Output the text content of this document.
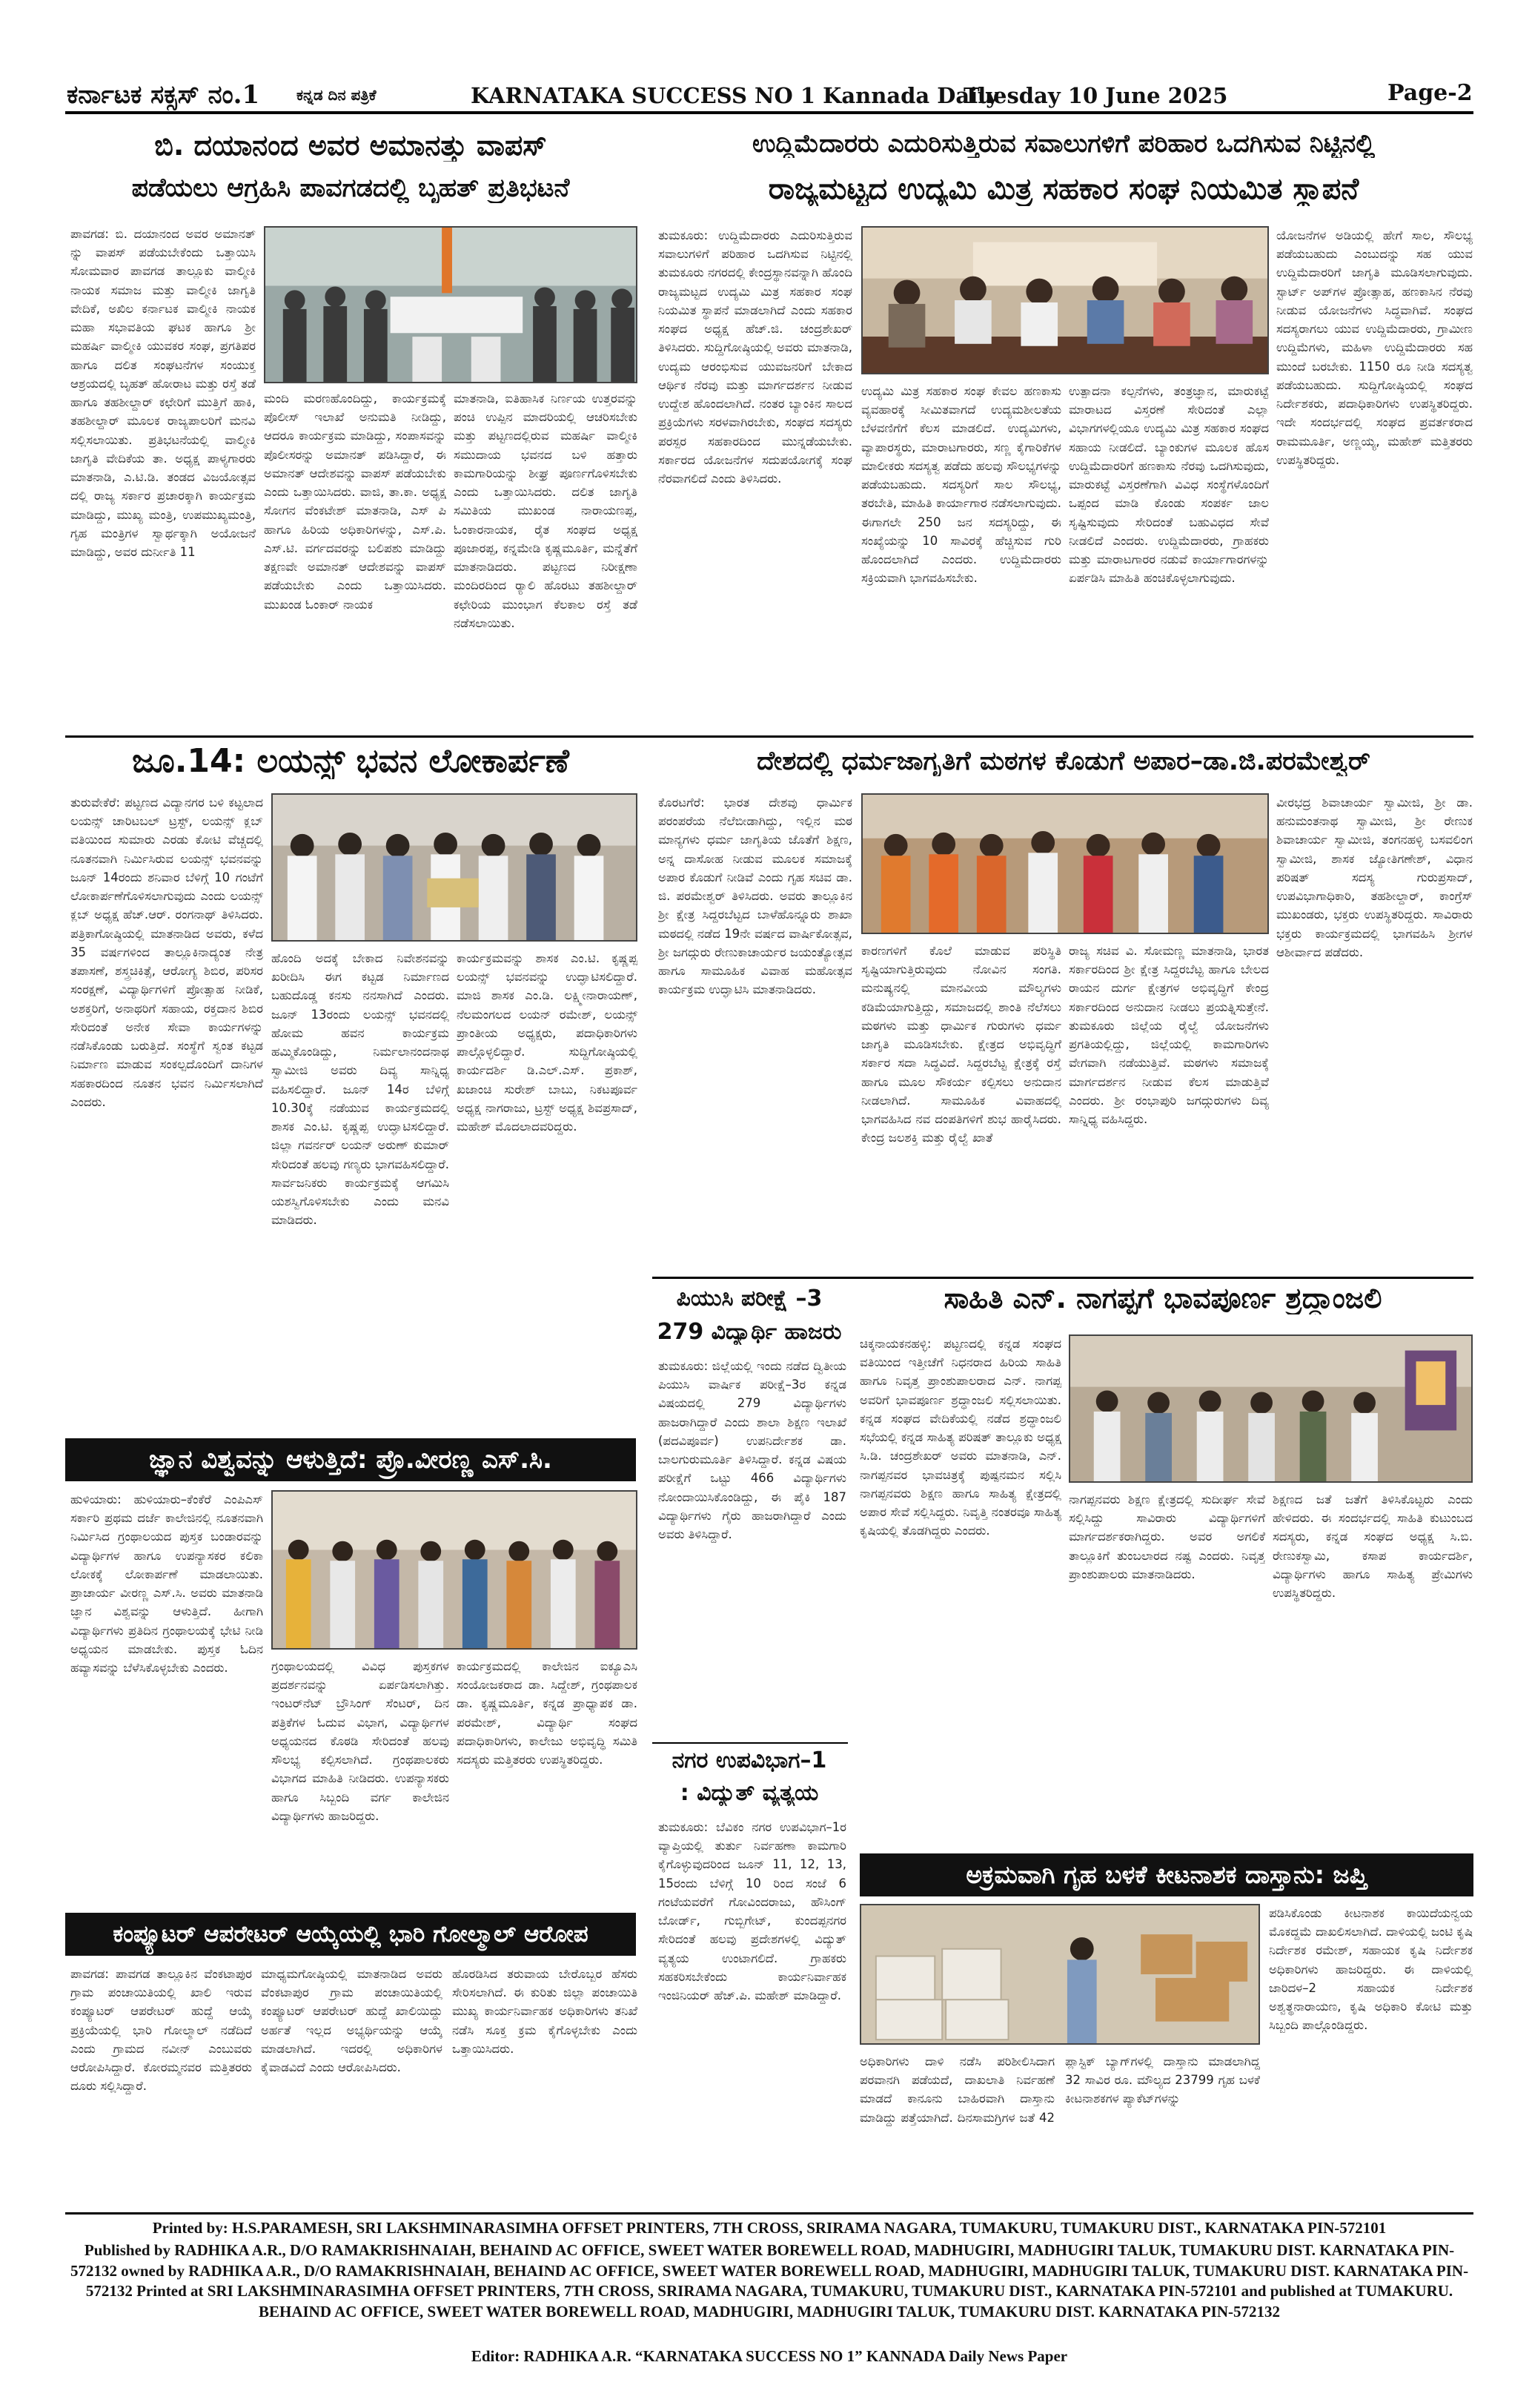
ಕರ್ನಾಟಕ ಸಕ್ಸಸ್ ನಂ.1 ಕನ್ನಡ ದಿನ ಪತ್ರಿಕೆ	KARNATAKA SUCCESS NO 1 Kannada Daily
Tuesday 10 June 2025	Page-2
ಬಿ. ದಯಾನಂದ ಅವರ ಅಮಾನತ್ತು ವಾಪಸ್
ಪಡೆಯಲು ಆಗ್ರಹಿಸಿ ಪಾವಗಡದಲ್ಲಿ ಬೃಹತ್ ಪ್ರತಿಭಟನೆ
ಪಾವಗಡ: ಬಿ. ದಯಾನಂದ ಅವರ ಅಮಾನತ್ ನ್ನು ವಾಪಸ್ ಪಡೆಯಬೇಕೆಂದು ಒತ್ತಾಯಿಸಿ ಸೋಮವಾರ ಪಾವಗಡ ತಾಲ್ಲೂಕು ವಾಲ್ಮೀಕಿ ನಾಯಕ ಸಮಾಜ ಮತ್ತು ವಾಲ್ಮೀಕಿ ಜಾಗೃತಿ ವೇದಿಕೆ, ಅಖಿಲ ಕರ್ನಾಟಕ ವಾಲ್ಮೀಕಿ ನಾಯಕ ಮಹಾ ಸಭಾವತಿಯ ಘಟಕ ಹಾಗೂ ಶ್ರೀ ಮಹರ್ಷಿ ವಾಲ್ಮೀಕಿ ಯುವಕರ ಸಂಘ, ಪ್ರಗತಿಪರ ಹಾಗೂ ದಲಿತ ಸಂಘಟನೆಗಳ ಸಂಯುಕ್ತ ಆಶ್ರಯದಲ್ಲಿ ಬೃಹತ್ ಹೋರಾಟ ಮತ್ತು ರಸ್ತೆ ತಡೆ ಹಾಗೂ ತಹಶೀಲ್ದಾರ್ ಕಛೇರಿಗೆ ಮುತ್ತಿಗೆ ಹಾಕಿ, ತಹಶೀಲ್ದಾರ್ ಮೂಲಕ ರಾಜ್ಯಪಾಲರಿಗೆ ಮನವಿ ಸಲ್ಲಿಸಲಾಯಿತು. ಪ್ರತಿಭಟನೆಯಲ್ಲಿ ವಾಲ್ಮೀಕಿ ಜಾಗೃತಿ ವೇದಿಕೆಯ ತಾ. ಅಧ್ಯಕ್ಷ ಪಾಳ್ಯಗಾರರು ಮಾತನಾಡಿ, ಎ.ಟಿ.ಡಿ. ತಂಡದ ವಿಜಯೋತ್ಸವ ದಲ್ಲಿ ರಾಜ್ಯ ಸರ್ಕಾರ ಪ್ರಚಾರಕ್ಕಾಗಿ ಕಾರ್ಯಕ್ರಮ ಮಾಡಿದ್ದು, ಮುಖ್ಯ ಮಂತ್ರಿ, ಉಪಮುಖ್ಯಮಂತ್ರಿ, ಗೃಹ ಮಂತ್ರಿಗಳ ಸ್ವಾರ್ಥಕ್ಕಾಗಿ ಅಯೋಜನೆ ಮಾಡಿದ್ದು, ಅವರ ದುರ್ನೀತಿ 11
ಮಂದಿ ಮರಣಹೊಂದಿದ್ದು, ಕಾರ್ಯಕ್ರಮಕ್ಕೆ ಪೊಲೀಸ್ ಇಲಾಖೆ ಅನುಮತಿ ನೀಡಿದ್ದು, ಆದರೂ ಕಾರ್ಯಕ್ರಮ ಮಾಡಿದ್ದು, ಸಂಪಾಸವನ್ನು ಪೊಲೀಸರನ್ನು ಅಮಾನತ್ ಪಡಿಸಿದ್ದಾರೆ, ಈ ಅಮಾನತ್ ಆದೇಶವನ್ನು ವಾಪಸ್ ಪಡೆಯಬೇಕು ಎಂದು ಒತ್ತಾಯಿಸಿದರು. ವಾಜಿ, ತಾ.ಕಾ. ಅಧ್ಯಕ್ಷ ಸೋಗನ ವೆಂಕಟೇಶ್ ಮಾತನಾಡಿ, ಎಸ್ ಪಿ ಹಾಗೂ ಹಿರಿಯ ಅಧಿಕಾರಿಗಳನ್ನು, ಎಸ್.ಪಿ. ಎಸ್.ಟಿ. ವರ್ಗದವರನ್ನು ಬಲಿಪಶು ಮಾಡಿದ್ದು ತಕ್ಷಣವೇ ಅಮಾನತ್ ಆದೇಶವನ್ನು ವಾಪಸ್ ಪಡೆಯಬೇಕು ಎಂದು ಒತ್ತಾಯಿಸಿದರು. ಮುಖಂಡ ಓಂಕಾರ್ ನಾಯಕ
ಮಾತನಾಡಿ, ಐತಿಹಾಸಿಕ ನಿರ್ಣಯ ಉತ್ತರವನ್ನು ಪಂಚಿ ಉಪ್ಪಿನ ಮಾದರಿಯಲ್ಲಿ ಆಚರಿಸಬೇಕು ಮತ್ತು ಪಟ್ಟಣದಲ್ಲಿರುವ ಮಹರ್ಷಿ ವಾಲ್ಮೀಕಿ ಸಮುದಾಯ ಭವನದ ಬಳಿ ಹತ್ತಾರು ಕಾಮಗಾರಿಯನ್ನು ಶೀಘ್ರ ಪೂರ್ಣಗೊಳಿಸಬೇಕು ಎಂದು ಒತ್ತಾಯಿಸಿದರು. ದಲಿತ ಜಾಗೃತಿ ಸಮಿತಿಯ ಮುಖಂಡ ನಾರಾಯಣಪ್ಪ, ಓಂಕಾರನಾಯಕ, ರೈತ ಸಂಘದ ಅಧ್ಯಕ್ಷ ಪೂಜಾರಪ್ಪ, ಕನ್ನಮೇಡಿ ಕೃಷ್ಣಮೂರ್ತಿ, ಮನ್ನೆತೆಗೆ ಮಾತನಾಡಿದರು. ಪಟ್ಟಣದ ನಿರೀಕ್ಷಣಾ ಮಂದಿರದಿಂದ ರ‍್ಯಾಲಿ ಹೊರಟು ತಹಶೀಲ್ದಾರ್ ಕಛೇರಿಯ ಮುಂಭಾಗ ಕೆಲಕಾಲ ರಸ್ತೆ ತಡೆ ನಡೆಸಲಾಯಿತು.
ಉದ್ದಿಮೆದಾರರು ಎದುರಿಸುತ್ತಿರುವ ಸವಾಲುಗಳಿಗೆ ಪರಿಹಾರ ಒದಗಿಸುವ ನಿಟ್ಟಿನಲ್ಲಿ
ರಾಜ್ಯಮಟ್ಟದ ಉದ್ಯಮಿ ಮಿತ್ರ ಸಹಕಾರ ಸಂಘ ನಿಯಮಿತ ಸ್ಥಾಪನೆ
ತುಮಕೂರು: ಉದ್ದಿಮೆದಾರರು ಎದುರಿಸುತ್ತಿರುವ ಸವಾಲುಗಳಿಗೆ ಪರಿಹಾರ ಒದಗಿಸುವ ನಿಟ್ಟಿನಲ್ಲಿ ತುಮಕೂರು ನಗರದಲ್ಲಿ ಕೇಂದ್ರಸ್ಥಾನವನ್ನಾಗಿ ಹೊಂದಿ ರಾಜ್ಯಮಟ್ಟದ ಉದ್ಯಮಿ ಮಿತ್ರ ಸಹಕಾರ ಸಂಘ ನಿಯಮಿತ ಸ್ಥಾಪನೆ ಮಾಡಲಾಗಿದೆ ಎಂದು ಸಹಕಾರ ಸಂಘದ ಅಧ್ಯಕ್ಷ ಹೆಚ್.ಜಿ. ಚಂದ್ರಶೇಖರ್ ತಿಳಿಸಿದರು. ಸುದ್ದಿಗೋಷ್ಠಿಯಲ್ಲಿ ಅವರು ಮಾತನಾಡಿ, ಉದ್ಯಮ ಆರಂಭಿಸುವ ಯುವಜನರಿಗೆ ಬೇಕಾದ ಆರ್ಥಿಕ ನೆರವು ಮತ್ತು ಮಾರ್ಗದರ್ಶನ ನೀಡುವ ಉದ್ದೇಶ ಹೊಂದಲಾಗಿದೆ. ನಂತರ ಬ್ಯಾಂಕಿನ ಸಾಲದ ಪ್ರಕ್ರಿಯೆಗಳು ಸರಳವಾಗಿರಬೇಕು, ಸಂಘದ ಸದಸ್ಯರು ಪರಸ್ಪರ ಸಹಕಾರದಿಂದ ಮುನ್ನಡೆಯಬೇಕು. ಸರ್ಕಾರದ ಯೋಜನೆಗಳ ಸದುಪಯೋಗಕ್ಕೆ ಸಂಘ ನೆರವಾಗಲಿದೆ ಎಂದು ತಿಳಿಸಿದರು.
ಉದ್ಯಮಿ ಮಿತ್ರ ಸಹಕಾರ ಸಂಘ ಕೇವಲ ಹಣಕಾಸು ವ್ಯವಹಾರಕ್ಕೆ ಸೀಮಿತವಾಗದೆ ಉದ್ಯಮಶೀಲತೆಯ ಬೆಳವಣಿಗೆಗೆ ಕೆಲಸ ಮಾಡಲಿದೆ. ಉದ್ಯಮಿಗಳು, ವ್ಯಾಪಾರಸ್ಥರು, ಮಾರಾಟಗಾರರು, ಸಣ್ಣ ಕೈಗಾರಿಕೆಗಳ ಮಾಲೀಕರು ಸದಸ್ಯತ್ವ ಪಡೆದು ಹಲವು ಸೌಲಭ್ಯಗಳನ್ನು ಪಡೆಯಬಹುದು. ಸದಸ್ಯರಿಗೆ ಸಾಲ ಸೌಲಭ್ಯ, ತರಬೇತಿ, ಮಾಹಿತಿ ಕಾರ್ಯಾಗಾರ ನಡೆಸಲಾಗುವುದು. ಈಗಾಗಲೇ 250 ಜನ ಸದಸ್ಯರಿದ್ದು, ಈ ಸಂಖ್ಯೆಯನ್ನು 10 ಸಾವಿರಕ್ಕೆ ಹೆಚ್ಚಿಸುವ ಗುರಿ ಹೊಂದಲಾಗಿದೆ ಎಂದರು. ಉದ್ದಿಮೆದಾರರು ಸಕ್ರಿಯವಾಗಿ ಭಾಗವಹಿಸಬೇಕು.
ಉತ್ಪಾದನಾ ಕಲ್ಪನೆಗಳು, ತಂತ್ರಜ್ಞಾನ, ಮಾರುಕಟ್ಟೆ ಮಾರಾಟದ ವಿಸ್ತರಣೆ ಸೇರಿದಂತೆ ಎಲ್ಲಾ ವಿಭಾಗಗಳಲ್ಲಿಯೂ ಉದ್ಯಮಿ ಮಿತ್ರ ಸಹಕಾರ ಸಂಘದ ಸಹಾಯ ನೀಡಲಿದೆ. ಬ್ಯಾಂಕುಗಳ ಮೂಲಕ ಹೊಸ ಉದ್ದಿಮೆದಾರರಿಗೆ ಹಣಕಾಸು ನೆರವು ಒದಗಿಸುವುದು, ಮಾರುಕಟ್ಟೆ ವಿಸ್ತರಣೆಗಾಗಿ ವಿವಿಧ ಸಂಸ್ಥೆಗಳೊಂದಿಗೆ ಒಪ್ಪಂದ ಮಾಡಿ ಕೊಂಡು ಸಂಪರ್ಕ ಜಾಲ ಸೃಷ್ಟಿಸುವುದು ಸೇರಿದಂತೆ ಬಹುವಿಧದ ಸೇವೆ ನೀಡಲಿದೆ ಎಂದರು. ಉದ್ದಿಮೆದಾರರು, ಗ್ರಾಹಕರು ಮತ್ತು ಮಾರಾಟಗಾರರ ನಡುವೆ ಕಾರ್ಯಾಗಾರಗಳನ್ನು ಏರ್ಪಡಿಸಿ ಮಾಹಿತಿ ಹಂಚಿಕೊಳ್ಳಲಾಗುವುದು.
ಯೋಜನೆಗಳ ಅಡಿಯಲ್ಲಿ ಹೇಗೆ ಸಾಲ, ಸೌಲಭ್ಯ ಪಡೆಯಬಹುದು ಎಂಬುದನ್ನು ಸಹ ಯುವ ಉದ್ದಿಮೆದಾರರಿಗೆ ಜಾಗೃತಿ ಮೂಡಿಸಲಾಗುವುದು. ಸ್ಟಾರ್ಟ್ ಅಪ್‌ಗಳ ಪ್ರೋತ್ಸಾಹ, ಹಣಕಾಸಿನ ನೆರವು ನೀಡುವ ಯೋಜನೆಗಳು ಸಿದ್ಧವಾಗಿವೆ. ಸಂಘದ ಸದಸ್ಯರಾಗಲು ಯುವ ಉದ್ದಿಮೆದಾರರು, ಗ್ರಾಮೀಣ ಉದ್ದಿಮೆಗಳು, ಮಹಿಳಾ ಉದ್ದಿಮೆದಾರರು ಸಹ ಮುಂದೆ ಬರಬೇಕು. 1150 ರೂ ನೀಡಿ ಸದಸ್ಯತ್ವ ಪಡೆಯಬಹುದು. ಸುದ್ದಿಗೋಷ್ಠಿಯಲ್ಲಿ ಸಂಘದ ನಿರ್ದೇಶಕರು, ಪದಾಧಿಕಾರಿಗಳು ಉಪಸ್ಥಿತರಿದ್ದರು. ಇದೇ ಸಂದರ್ಭದಲ್ಲಿ ಸಂಘದ ಪ್ರವರ್ತಕರಾದ ರಾಮಮೂರ್ತಿ, ಅಣ್ಣಯ್ಯ, ಮಹೇಶ್ ಮತ್ತಿತರರು ಉಪಸ್ಥಿತರಿದ್ದರು.
ಜೂ.14: ಲಯನ್ಸ್ ಭವನ ಲೋಕಾರ್ಪಣೆ
ತುರುವೇಕೆರೆ: ಪಟ್ಟಣದ ವಿದ್ಯಾನಗರ ಬಳಿ ಕಟ್ಟಲಾದ ಲಯನ್ಸ್ ಚಾರಿಟಬಲ್ ಟ್ರಸ್ಟ್, ಲಯನ್ಸ್ ಕ್ಲಬ್ ವತಿಯಿಂದ ಸುಮಾರು ಎರಡು ಕೋಟಿ ವೆಚ್ಚದಲ್ಲಿ ನೂತನವಾಗಿ ನಿರ್ಮಿಸಿರುವ ಲಯನ್ಸ್ ಭವನವನ್ನು ಜೂನ್ 14ರಂದು ಶನಿವಾರ ಬೆಳಿಗ್ಗೆ 10 ಗಂಟೆಗೆ ಲೋಕಾರ್ಪಣೆಗೊಳಿಸಲಾಗುವುದು ಎಂದು ಲಯನ್ಸ್ ಕ್ಲಬ್ ಅಧ್ಯಕ್ಷ ಹೆಚ್.ಆರ್. ರಂಗನಾಥ್ ತಿಳಿಸಿದರು. ಪತ್ರಿಕಾಗೋಷ್ಠಿಯಲ್ಲಿ ಮಾತನಾಡಿದ ಅವರು, ಕಳೆದ 35 ವರ್ಷಗಳಿಂದ ತಾಲ್ಲೂಕಿನಾದ್ಯಂತ ನೇತ್ರ ತಪಾಸಣೆ, ಶಸ್ತ್ರಚಿಕಿತ್ಸೆ, ಆರೋಗ್ಯ ಶಿಬಿರ, ಪರಿಸರ ಸಂರಕ್ಷಣೆ, ವಿದ್ಯಾರ್ಥಿಗಳಿಗೆ ಪ್ರೋತ್ಸಾಹ ನೀಡಿಕೆ, ಅಶಕ್ತರಿಗೆ, ಅನಾಥರಿಗೆ ಸಹಾಯ, ರಕ್ತದಾನ ಶಿಬಿರ ಸೇರಿದಂತೆ ಅನೇಕ ಸೇವಾ ಕಾರ್ಯಗಳನ್ನು ನಡೆಸಿಕೊಂಡು ಬರುತ್ತಿದೆ. ಸಂಸ್ಥೆಗೆ ಸ್ವಂತ ಕಟ್ಟಡ ನಿರ್ಮಾಣ ಮಾಡುವ ಸಂಕಲ್ಪದೊಂದಿಗೆ ದಾನಿಗಳ ಸಹಕಾರದಿಂದ ನೂತನ ಭವನ ನಿರ್ಮಿಸಲಾಗಿದೆ ಎಂದರು.
ಹೊಂದಿ ಅದಕ್ಕೆ ಬೇಕಾದ ನಿವೇಶನವನ್ನು ಖರೀದಿಸಿ ಈಗ ಕಟ್ಟಡ ನಿರ್ಮಾಣದ ಬಹುದೊಡ್ಡ ಕನಸು ನನಸಾಗಿದೆ ಎಂದರು. ಜೂನ್ 13ರಂದು ಲಯನ್ಸ್ ಭವನದಲ್ಲಿ ಹೋಮ ಹವನ ಕಾರ್ಯಕ್ರಮ ಹಮ್ಮಿಕೊಂಡಿದ್ದು, ನಿರ್ಮಲಾನಂದನಾಥ ಸ್ವಾಮೀಜಿ ಅವರು ದಿವ್ಯ ಸಾನ್ನಿಧ್ಯ ವಹಿಸಲಿದ್ದಾರೆ. ಜೂನ್ 14ರ ಬೆಳಿಗ್ಗೆ 10.30ಕ್ಕೆ ನಡೆಯುವ ಕಾರ್ಯಕ್ರಮದಲ್ಲಿ ಶಾಸಕ ಎಂ.ಟಿ. ಕೃಷ್ಣಪ್ಪ ಉದ್ಘಾಟಿಸಲಿದ್ದಾರೆ. ಜಿಲ್ಲಾ ಗವರ್ನರ್ ಲಯನ್ ಅರುಣ್ ಕುಮಾರ್ ಸೇರಿದಂತೆ ಹಲವು ಗಣ್ಯರು ಭಾಗವಹಿಸಲಿದ್ದಾರೆ. ಸಾರ್ವಜನಿಕರು ಕಾರ್ಯಕ್ರಮಕ್ಕೆ ಆಗಮಿಸಿ ಯಶಸ್ವಿಗೊಳಿಸಬೇಕು ಎಂದು ಮನವಿ ಮಾಡಿದರು.
ಕಾರ್ಯಕ್ರಮವನ್ನು ಶಾಸಕ ಎಂ.ಟಿ. ಕೃಷ್ಣಪ್ಪ ಲಯನ್ಸ್ ಭವನವನ್ನು ಉದ್ಘಾಟಿಸಲಿದ್ದಾರೆ. ಮಾಜಿ ಶಾಸಕ ಎಂ.ಡಿ. ಲಕ್ಷ್ಮೀನಾರಾಯಣ್, ನೆಲಮಂಗಲದ ಲಯನ್ ರಮೇಶ್, ಲಯನ್ಸ್ ಪ್ರಾಂತೀಯ ಅಧ್ಯಕ್ಷರು, ಪದಾಧಿಕಾರಿಗಳು ಪಾಲ್ಗೊಳ್ಳಲಿದ್ದಾರೆ. ಸುದ್ದಿಗೋಷ್ಠಿಯಲ್ಲಿ ಕಾರ್ಯದರ್ಶಿ ಡಿ.ಎಲ್.ಎಸ್. ಪ್ರಕಾಶ್, ಖಜಾಂಚಿ ಸುರೇಶ್ ಬಾಬು, ನಿಕಟಪೂರ್ವ ಅಧ್ಯಕ್ಷ ನಾಗರಾಜು, ಟ್ರಸ್ಟ್ ಅಧ್ಯಕ್ಷ ಶಿವಪ್ರಸಾದ್, ಮಹೇಶ್ ಮೊದಲಾದವರಿದ್ದರು.
ದೇಶದಲ್ಲಿ ಧರ್ಮಜಾಗೃತಿಗೆ ಮಠಗಳ ಕೊಡುಗೆ ಅಪಾರ–ಡಾ.ಜಿ.ಪರಮೇಶ್ವರ್
ಕೊರಟಗೆರೆ: ಭಾರತ ದೇಶವು ಧಾರ್ಮಿಕ ಪರಂಪರೆಯ ನೆಲೆಬೀಡಾಗಿದ್ದು, ಇಲ್ಲಿನ ಮಠ ಮಾನ್ಯಗಳು ಧರ್ಮ ಜಾಗೃತಿಯ ಜೊತೆಗೆ ಶಿಕ್ಷಣ, ಅನ್ನ ದಾಸೋಹ ನೀಡುವ ಮೂಲಕ ಸಮಾಜಕ್ಕೆ ಅಪಾರ ಕೊಡುಗೆ ನೀಡಿವೆ ಎಂದು ಗೃಹ ಸಚಿವ ಡಾ. ಜಿ. ಪರಮೇಶ್ವರ್ ತಿಳಿಸಿದರು. ಅವರು ತಾಲ್ಲೂಕಿನ ಶ್ರೀ ಕ್ಷೇತ್ರ ಸಿದ್ದರಬೆಟ್ಟದ ಬಾಳೆಹೊನ್ನೂರು ಶಾಖಾ ಮಠದಲ್ಲಿ ನಡೆದ 19ನೇ ವರ್ಷದ ವಾರ್ಷಿಕೋತ್ಸವ, ಶ್ರೀ ಜಗದ್ಗುರು ರೇಣುಕಾಚಾರ್ಯರ ಜಯಂತ್ಯೋತ್ಸವ ಹಾಗೂ ಸಾಮೂಹಿಕ ವಿವಾಹ ಮಹೋತ್ಸವ ಕಾರ್ಯಕ್ರಮ ಉದ್ಘಾಟಿಸಿ ಮಾತನಾಡಿದರು.
ಕಾರಣಗಳಿಗೆ ಕೊಲೆ ಮಾಡುವ ಪರಿಸ್ಥಿತಿ ಸೃಷ್ಟಿಯಾಗುತ್ತಿರುವುದು ನೋವಿನ ಸಂಗತಿ. ಮನುಷ್ಯನಲ್ಲಿ ಮಾನವೀಯ ಮೌಲ್ಯಗಳು ಕಡಿಮೆಯಾಗುತ್ತಿದ್ದು, ಸಮಾಜದಲ್ಲಿ ಶಾಂತಿ ನೆಲೆಸಲು ಮಠಗಳು ಮತ್ತು ಧಾರ್ಮಿಕ ಗುರುಗಳು ಧರ್ಮ ಜಾಗೃತಿ ಮೂಡಿಸಬೇಕು. ಕ್ಷೇತ್ರದ ಅಭಿವೃದ್ಧಿಗೆ ಸರ್ಕಾರ ಸದಾ ಸಿದ್ಧವಿದೆ. ಸಿದ್ದರಬೆಟ್ಟ ಕ್ಷೇತ್ರಕ್ಕೆ ರಸ್ತೆ ಹಾಗೂ ಮೂಲ ಸೌಕರ್ಯ ಕಲ್ಪಿಸಲು ಅನುದಾನ ನೀಡಲಾಗಿದೆ. ಸಾಮೂಹಿಕ ವಿವಾಹದಲ್ಲಿ ಭಾಗವಹಿಸಿದ ನವ ದಂಪತಿಗಳಿಗೆ ಶುಭ ಹಾರೈಸಿದರು. ಕೇಂದ್ರ ಜಲಶಕ್ತಿ ಮತ್ತು ರೈಲ್ವೆ ಖಾತೆ
ರಾಜ್ಯ ಸಚಿವ ವಿ. ಸೋಮಣ್ಣ ಮಾತನಾಡಿ, ಭಾರತ ಸರ್ಕಾರದಿಂದ ಶ್ರೀ ಕ್ಷೇತ್ರ ಸಿದ್ದರಬೆಟ್ಟ ಹಾಗೂ ಬೇಲದ ರಾಯನ ದುರ್ಗ ಕ್ಷೇತ್ರಗಳ ಅಭಿವೃದ್ಧಿಗೆ ಕೇಂದ್ರ ಸರ್ಕಾರದಿಂದ ಅನುದಾನ ನೀಡಲು ಪ್ರಯತ್ನಿಸುತ್ತೇನೆ. ತುಮಕೂರು ಜಿಲ್ಲೆಯ ರೈಲ್ವೆ ಯೋಜನೆಗಳು ಪ್ರಗತಿಯಲ್ಲಿದ್ದು, ಜಿಲ್ಲೆಯಲ್ಲಿ ಕಾಮಗಾರಿಗಳು ವೇಗವಾಗಿ ನಡೆಯುತ್ತಿವೆ. ಮಠಗಳು ಸಮಾಜಕ್ಕೆ ಮಾರ್ಗದರ್ಶನ ನೀಡುವ ಕೆಲಸ ಮಾಡುತ್ತಿವೆ ಎಂದರು. ಶ್ರೀ ರಂಭಾಪುರಿ ಜಗದ್ಗುರುಗಳು ದಿವ್ಯ ಸಾನ್ನಿಧ್ಯ ವಹಿಸಿದ್ದರು.
ವೀರಭದ್ರ ಶಿವಾಚಾರ್ಯ ಸ್ವಾಮೀಜಿ, ಶ್ರೀ ಡಾ. ಹನುಮಂತನಾಥ ಸ್ವಾಮೀಜಿ, ಶ್ರೀ ರೇಣುಕ ಶಿವಾಚಾರ್ಯ ಸ್ವಾಮೀಜಿ, ತಂಗನಹಳ್ಳಿ ಬಸವಲಿಂಗ ಸ್ವಾಮೀಜಿ, ಶಾಸಕ ಜ್ಯೋತಿಗಣೇಶ್, ವಿಧಾನ ಪರಿಷತ್ ಸದಸ್ಯ ಗುರುಪ್ರಸಾದ್, ಉಪವಿಭಾಗಾಧಿಕಾರಿ, ತಹಶೀಲ್ದಾರ್, ಕಾಂಗ್ರೆಸ್ ಮುಖಂಡರು, ಭಕ್ತರು ಉಪಸ್ಥಿತರಿದ್ದರು. ಸಾವಿರಾರು ಭಕ್ತರು ಕಾರ್ಯಕ್ರಮದಲ್ಲಿ ಭಾಗವಹಿಸಿ ಶ್ರೀಗಳ ಆಶೀರ್ವಾದ ಪಡೆದರು.
ಸಾಹಿತಿ ಎನ್. ನಾಗಪ್ಪಗೆ ಭಾವಪೂರ್ಣ ಶ್ರದ್ಧಾಂಜಲಿ
ಚಿಕ್ಕನಾಯಕನಹಳ್ಳಿ: ಪಟ್ಟಣದಲ್ಲಿ ಕನ್ನಡ ಸಂಘದ ವತಿಯಿಂದ ಇತ್ತೀಚೆಗೆ ನಿಧನರಾದ ಹಿರಿಯ ಸಾಹಿತಿ ಹಾಗೂ ನಿವೃತ್ತ ಪ್ರಾಂಶುಪಾಲರಾದ ಎನ್. ನಾಗಪ್ಪ ಅವರಿಗೆ ಭಾವಪೂರ್ಣ ಶ್ರದ್ಧಾಂಜಲಿ ಸಲ್ಲಿಸಲಾಯಿತು. ಕನ್ನಡ ಸಂಘದ ವೇದಿಕೆಯಲ್ಲಿ ನಡೆದ ಶ್ರದ್ಧಾಂಜಲಿ ಸಭೆಯಲ್ಲಿ ಕನ್ನಡ ಸಾಹಿತ್ಯ ಪರಿಷತ್ ತಾಲ್ಲೂಕು ಅಧ್ಯಕ್ಷ ಸಿ.ಡಿ. ಚಂದ್ರಶೇಖರ್ ಅವರು ಮಾತನಾಡಿ, ಎನ್. ನಾಗಪ್ಪನವರ ಭಾವಚಿತ್ರಕ್ಕೆ ಪುಷ್ಪನಮನ ಸಲ್ಲಿಸಿ ನಾಗಪ್ಪನವರು ಶಿಕ್ಷಣ ಹಾಗೂ ಸಾಹಿತ್ಯ ಕ್ಷೇತ್ರದಲ್ಲಿ ಅಪಾರ ಸೇವೆ ಸಲ್ಲಿಸಿದ್ದರು. ನಿವೃತ್ತಿ ನಂತರವೂ ಸಾಹಿತ್ಯ ಕೃಷಿಯಲ್ಲಿ ತೊಡಗಿದ್ದರು ಎಂದರು.
ನಾಗಪ್ಪನವರು ಶಿಕ್ಷಣ ಕ್ಷೇತ್ರದಲ್ಲಿ ಸುದೀರ್ಘ ಸೇವೆ ಸಲ್ಲಿಸಿದ್ದು ಸಾವಿರಾರು ವಿದ್ಯಾರ್ಥಿಗಳಿಗೆ ಮಾರ್ಗದರ್ಶಕರಾಗಿದ್ದರು. ಅವರ ಅಗಲಿಕೆ ತಾಲ್ಲೂಕಿಗೆ ತುಂಬಲಾರದ ನಷ್ಟ ಎಂದರು. ನಿವೃತ್ತ ಪ್ರಾಂಶುಪಾಲರು ಮಾತನಾಡಿದರು.
ಶಿಕ್ಷಣದ ಜತೆ ಜತೆಗೆ ತಿಳಿಸಿಕೊಟ್ಟರು ಎಂದು ಹೇಳಿದರು. ಈ ಸಂದರ್ಭದಲ್ಲಿ ಸಾಹಿತಿ ಕುಟುಂಬದ ಸದಸ್ಯರು, ಕನ್ನಡ ಸಂಘದ ಅಧ್ಯಕ್ಷ ಸಿ.ಬಿ. ರೇಣುಕಸ್ವಾಮಿ, ಕಸಾಪ ಕಾರ್ಯದರ್ಶಿ, ವಿದ್ಯಾರ್ಥಿಗಳು ಹಾಗೂ ಸಾಹಿತ್ಯ ಪ್ರೇಮಿಗಳು ಉಪಸ್ಥಿತರಿದ್ದರು.
ಪಿಯುಸಿ ಪರೀಕ್ಷೆ –3
279 ವಿದ್ಯಾರ್ಥಿ ಹಾಜರು
ತುಮಕೂರು: ಜಿಲ್ಲೆಯಲ್ಲಿ ಇಂದು ನಡೆದ ದ್ವಿತೀಯ ಪಿಯುಸಿ ವಾರ್ಷಿಕ ಪರೀಕ್ಷೆ–3ರ ಕನ್ನಡ ವಿಷಯದಲ್ಲಿ 279 ವಿದ್ಯಾರ್ಥಿಗಳು ಹಾಜರಾಗಿದ್ದಾರೆ ಎಂದು ಶಾಲಾ ಶಿಕ್ಷಣ ಇಲಾಖೆ (ಪದವಿಪೂರ್ವ) ಉಪನಿರ್ದೇಶಕ ಡಾ. ಬಾಲಗುರುಮೂರ್ತಿ ತಿಳಿಸಿದ್ದಾರೆ. ಕನ್ನಡ ವಿಷಯ ಪರೀಕ್ಷೆಗೆ ಒಟ್ಟು 466 ವಿದ್ಯಾರ್ಥಿಗಳು ನೋಂದಾಯಿಸಿಕೊಂಡಿದ್ದು, ಈ ಪೈಕಿ 187 ವಿದ್ಯಾರ್ಥಿಗಳು ಗೈರು ಹಾಜರಾಗಿದ್ದಾರೆ ಎಂದು ಅವರು ತಿಳಿಸಿದ್ದಾರೆ.
ನಗರ ಉಪವಿಭಾಗ–1
: ವಿದ್ಯುತ್ ವ್ಯತ್ಯಯ
ತುಮಕೂರು: ಬೆವಿಕಂ ನಗರ ಉಪವಿಭಾಗ–1ರ ವ್ಯಾಪ್ತಿಯಲ್ಲಿ ತುರ್ತು ನಿರ್ವಹಣಾ ಕಾಮಗಾರಿ ಕೈಗೊಳ್ಳುವುದರಿಂದ ಜೂನ್ 11, 12, 13, 15ರಂದು ಬೆಳಿಗ್ಗೆ 10 ರಿಂದ ಸಂಜೆ 6 ಗಂಟೆಯವರೆಗೆ ಗೋವಿಂದರಾಜು, ಹೌಸಿಂಗ್ ಬೋರ್ಡ್, ಗುಬ್ಬಿಗೇಟ್, ಕುಂದಪ್ಪನಗರ ಸೇರಿದಂತೆ ಹಲವು ಪ್ರದೇಶಗಳಲ್ಲಿ ವಿದ್ಯುತ್ ವ್ಯತ್ಯಯ ಉಂಟಾಗಲಿದೆ. ಗ್ರಾಹಕರು ಸಹಕರಿಸಬೇಕೆಂದು ಕಾರ್ಯನಿರ್ವಾಹಕ ಇಂಜಿನಿಯರ್ ಹೆಚ್.ಪಿ. ಮಹೇಶ್ ಮಾಡಿದ್ದಾರೆ.
ಜ್ಞಾನ ವಿಶ್ವವನ್ನು ಆಳುತ್ತಿದೆ: ಪ್ರೊ.ವೀರಣ್ಣ ಎಸ್.ಸಿ.
ಹುಳಿಯಾರು: ಹುಳಿಯಾರು–ಕೆಂಕೆರೆ ಎಂಪಿಎಸ್ ಸರ್ಕಾರಿ ಪ್ರಥಮ ದರ್ಜೆ ಕಾಲೇಜಿನಲ್ಲಿ ನೂತನವಾಗಿ ನಿರ್ಮಿಸಿದ ಗ್ರಂಥಾಲಯದ ಪುಸ್ತಕ ಬಂಡಾರವನ್ನು ವಿದ್ಯಾರ್ಥಿಗಳ ಹಾಗೂ ಉಪನ್ಯಾಸಕರ ಕಲಿಕಾ ಲೋಕಕ್ಕೆ ಲೋಕಾರ್ಪಣೆ ಮಾಡಲಾಯಿತು. ಪ್ರಾಚಾರ್ಯ ವೀರಣ್ಣ ಎಸ್.ಸಿ. ಅವರು ಮಾತನಾಡಿ ಜ್ಞಾನ ವಿಶ್ವವನ್ನು ಆಳುತ್ತಿದೆ. ಹೀಗಾಗಿ ವಿದ್ಯಾರ್ಥಿಗಳು ಪ್ರತಿದಿನ ಗ್ರಂಥಾಲಯಕ್ಕೆ ಭೇಟಿ ನೀಡಿ ಅಧ್ಯಯನ ಮಾಡಬೇಕು. ಪುಸ್ತಕ ಓದಿನ ಹವ್ಯಾಸವನ್ನು ಬೆಳೆಸಿಕೊಳ್ಳಬೇಕು ಎಂದರು.	ಗ್ರಂಥಾಲಯದಲ್ಲಿ ವಿವಿಧ ಪುಸ್ತಕಗಳ ಪ್ರದರ್ಶನವನ್ನು ಏರ್ಪಡಿಸಲಾಗಿತ್ತು. ಇಂಟರ್‌ನೆಟ್ ಬ್ರೌಸಿಂಗ್ ಸೆಂಟರ್, ದಿನ ಪತ್ರಿಕೆಗಳ ಓದುವ ವಿಭಾಗ, ವಿದ್ಯಾರ್ಥಿಗಳ ಅಧ್ಯಯನದ ಕೊಠಡಿ ಸೇರಿದಂತೆ ಹಲವು ಸೌಲಭ್ಯ ಕಲ್ಪಿಸಲಾಗಿದೆ. ಗ್ರಂಥಪಾಲಕರು ವಿಭಾಗದ ಮಾಹಿತಿ ನೀಡಿದರು. ಉಪನ್ಯಾಸಕರು ಹಾಗೂ ಸಿಬ್ಬಂದಿ ವರ್ಗ ಕಾಲೇಜಿನ ವಿದ್ಯಾರ್ಥಿಗಳು ಹಾಜರಿದ್ದರು.
ಕಾರ್ಯಕ್ರಮದಲ್ಲಿ ಕಾಲೇಜಿನ ಐಕ್ಯೂಎಸಿ ಸಂಯೋಜಕರಾದ ಡಾ. ಸಿದ್ದೇಶ್, ಗ್ರಂಥಪಾಲಕ ಡಾ. ಕೃಷ್ಣಮೂರ್ತಿ, ಕನ್ನಡ ಪ್ರಾಧ್ಯಾಪಕ ಡಾ. ಪರಮೇಶ್, ವಿದ್ಯಾರ್ಥಿ ಸಂಘದ ಪದಾಧಿಕಾರಿಗಳು, ಕಾಲೇಜು ಅಭಿವೃದ್ಧಿ ಸಮಿತಿ ಸದಸ್ಯರು ಮತ್ತಿತರರು ಉಪಸ್ಥಿತರಿದ್ದರು.
ಕಂಪ್ಯೂಟರ್ ಆಪರೇಟರ್ ಆಯ್ಕೆಯಲ್ಲಿ ಭಾರಿ ಗೋಲ್ಮಾಲ್ ಆರೋಪ
ಪಾವಗಡ: ಪಾವಗಡ ತಾಲ್ಲೂಕಿನ ವೆಂಕಟಾಪುರ ಗ್ರಾಮ ಪಂಚಾಯಿತಿಯಲ್ಲಿ ಖಾಲಿ ಇರುವ ಕಂಪ್ಯೂಟರ್ ಆಪರೇಟರ್ ಹುದ್ದೆ ಆಯ್ಕೆ ಪ್ರಕ್ರಿಯೆಯಲ್ಲಿ ಭಾರಿ ಗೋಲ್ಮಾಲ್ ನಡೆದಿದೆ ಎಂದು ಗ್ರಾಮದ ನವೀನ್ ಎಂಬುವರು ಆರೋಪಿಸಿದ್ದಾರೆ. ಕೋರಮ್ಮನವರ ಮತ್ತಿತರರು ದೂರು ಸಲ್ಲಿಸಿದ್ದಾರೆ.
ಮಾಧ್ಯಮಗೋಷ್ಠಿಯಲ್ಲಿ ಮಾತನಾಡಿದ ಅವರು ವೆಂಕಟಾಪುರ ಗ್ರಾಮ ಪಂಚಾಯಿತಿಯಲ್ಲಿ ಕಂಪ್ಯೂಟರ್ ಆಪರೇಟರ್ ಹುದ್ದೆ ಖಾಲಿಯಿದ್ದು ಅರ್ಹತೆ ಇಲ್ಲದ ಅಭ್ಯರ್ಥಿಯನ್ನು ಆಯ್ಕೆ ಮಾಡಲಾಗಿದೆ. ಇದರಲ್ಲಿ ಅಧಿಕಾರಿಗಳ ಕೈವಾಡವಿದೆ ಎಂದು ಆರೋಪಿಸಿದರು.
ಹೊರಡಿಸಿದ ತರುವಾಯ ಬೇರೊಬ್ಬರ ಹೆಸರು ಸೇರಿಸಲಾಗಿದೆ. ಈ ಕುರಿತು ಜಿಲ್ಲಾ ಪಂಚಾಯಿತಿ ಮುಖ್ಯ ಕಾರ್ಯನಿರ್ವಾಹಕ ಅಧಿಕಾರಿಗಳು ತನಿಖೆ ನಡೆಸಿ ಸೂಕ್ತ ಕ್ರಮ ಕೈಗೊಳ್ಳಬೇಕು ಎಂದು ಒತ್ತಾಯಿಸಿದರು.
ಅಕ್ರಮವಾಗಿ ಗೃಹ ಬಳಕೆ ಕೀಟನಾಶಕ ದಾಸ್ತಾನು: ಜಪ್ತಿ
ಅಧಿಕಾರಿಗಳು ದಾಳಿ ನಡೆಸಿ ಪರಿಶೀಲಿಸಿದಾಗ ಪರವಾನಗಿ ಪಡೆಯದೆ, ದಾಖಲಾತಿ ನಿರ್ವಹಣೆ ಮಾಡದೆ ಕಾನೂನು ಬಾಹಿರವಾಗಿ ದಾಸ್ತಾನು ಮಾಡಿದ್ದು ಪತ್ತೆಯಾಗಿದೆ. ದಿನಸಾಮಗ್ರಿಗಳ ಜತೆ 42 ಪ್ಲಾಸ್ಟಿಕ್ ಬ್ಯಾಗ್‌ಗಳಲ್ಲಿ ದಾಸ್ತಾನು ಮಾಡಲಾಗಿದ್ದ 32 ಸಾವಿರ ರೂ. ಮೌಲ್ಯದ 23799 ಗೃಹ ಬಳಕೆ ಕೀಟನಾಶಕಗಳ ಪ್ಯಾಕೆಟ್‌ಗಳನ್ನು
ಪಡಿಸಿಕೊಂಡು ಕೀಟನಾಶಕ ಕಾಯಿದೆಯನ್ವಯ ಮೊಕದ್ದಮೆ ದಾಖಲಿಸಲಾಗಿದೆ. ದಾಳಿಯಲ್ಲಿ ಜಂಟಿ ಕೃಷಿ ನಿರ್ದೇಶಕ ರಮೇಶ್, ಸಹಾಯಕ ಕೃಷಿ ನಿರ್ದೇಶಕ ಅಧಿಕಾರಿಗಳು ಹಾಜರಿದ್ದರು. ಈ ದಾಳಿಯಲ್ಲಿ ಜಾರಿದಳ–2 ಸಹಾಯಕ ನಿರ್ದೇಶಕ ಅಶ್ವತ್ಥನಾರಾಯಣ, ಕೃಷಿ ಅಧಿಕಾರಿ ಕೋಟಿ ಮತ್ತು ಸಿಬ್ಬಂದಿ ಪಾಲ್ಗೊಂಡಿದ್ದರು.
Printed by: H.S.PARAMESH, SRI LAKSHMINARASIMHA OFFSET PRINTERS, 7TH CROSS, SRIRAMA NAGARA, TUMAKURU, TUMAKURU DIST., KARNATAKA PIN-572101
Published by RADHIKA A.R., D/O RAMAKRISHNAIAH, BEHAIND AC OFFICE, SWEET WATER BOREWELL ROAD, MADHUGIRI, MADHUGIRI TALUK, TUMAKURU DIST. KARNATAKA PIN-572132 owned by RADHIKA A.R., D/O RAMAKRISHNAIAH, BEHAIND AC OFFICE, SWEET WATER BOREWELL ROAD, MADHUGIRI, MADHUGIRI TALUK, TUMAKURU DIST. KARNATAKA PIN-572132 Printed at SRI LAKSHMINARASIMHA OFFSET PRINTERS, 7TH CROSS, SRIRAMA NAGARA, TUMAKURU, TUMAKURU DIST., KARNATAKA PIN-572101 and published at TUMAKURU. BEHAIND AC OFFICE, SWEET WATER BOREWELL ROAD, MADHUGIRI, MADHUGIRI TALUK, TUMAKURU DIST. KARNATAKA PIN-572132
Editor: RADHIKA A.R. “KARNATAKA SUCCESS NO 1” KANNADA Daily News Paper
